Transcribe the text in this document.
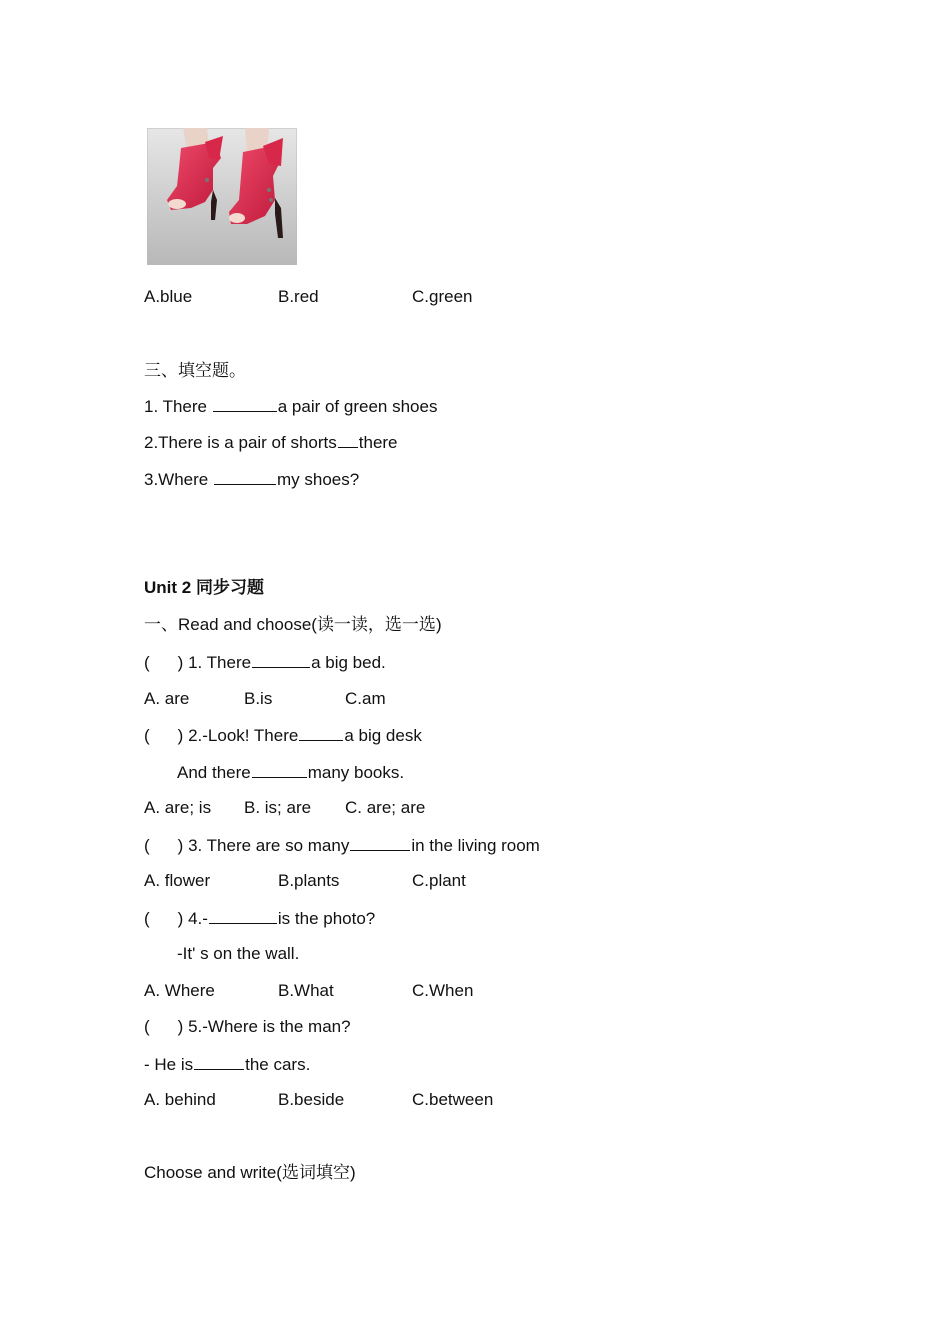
A.blue	B.red	C.green
三、填空题。
1. There	a pair of green shoes
2.There is a pair of shorts there
3.Where	my shoes?
Unit 2 同步习题
一、Read and choose(读一读，选一选)
( ) 1. There	a big bed.
A. are	B.is	C.am
( ) 2.-Look! There	a big desk
And there	many books.
A. are; is B. is; are C. are; are
( ) 3. There are so many	in the living room
A. flower	B.plants	C.plant
( ) 4.-	is the photo?
-It' s on the wall.
A. Where	B.What	C.When
( ) 5.-Where is the man?
- He is	the cars.
A. behind	B.beside	C.between
Choose and write(选词填空)
